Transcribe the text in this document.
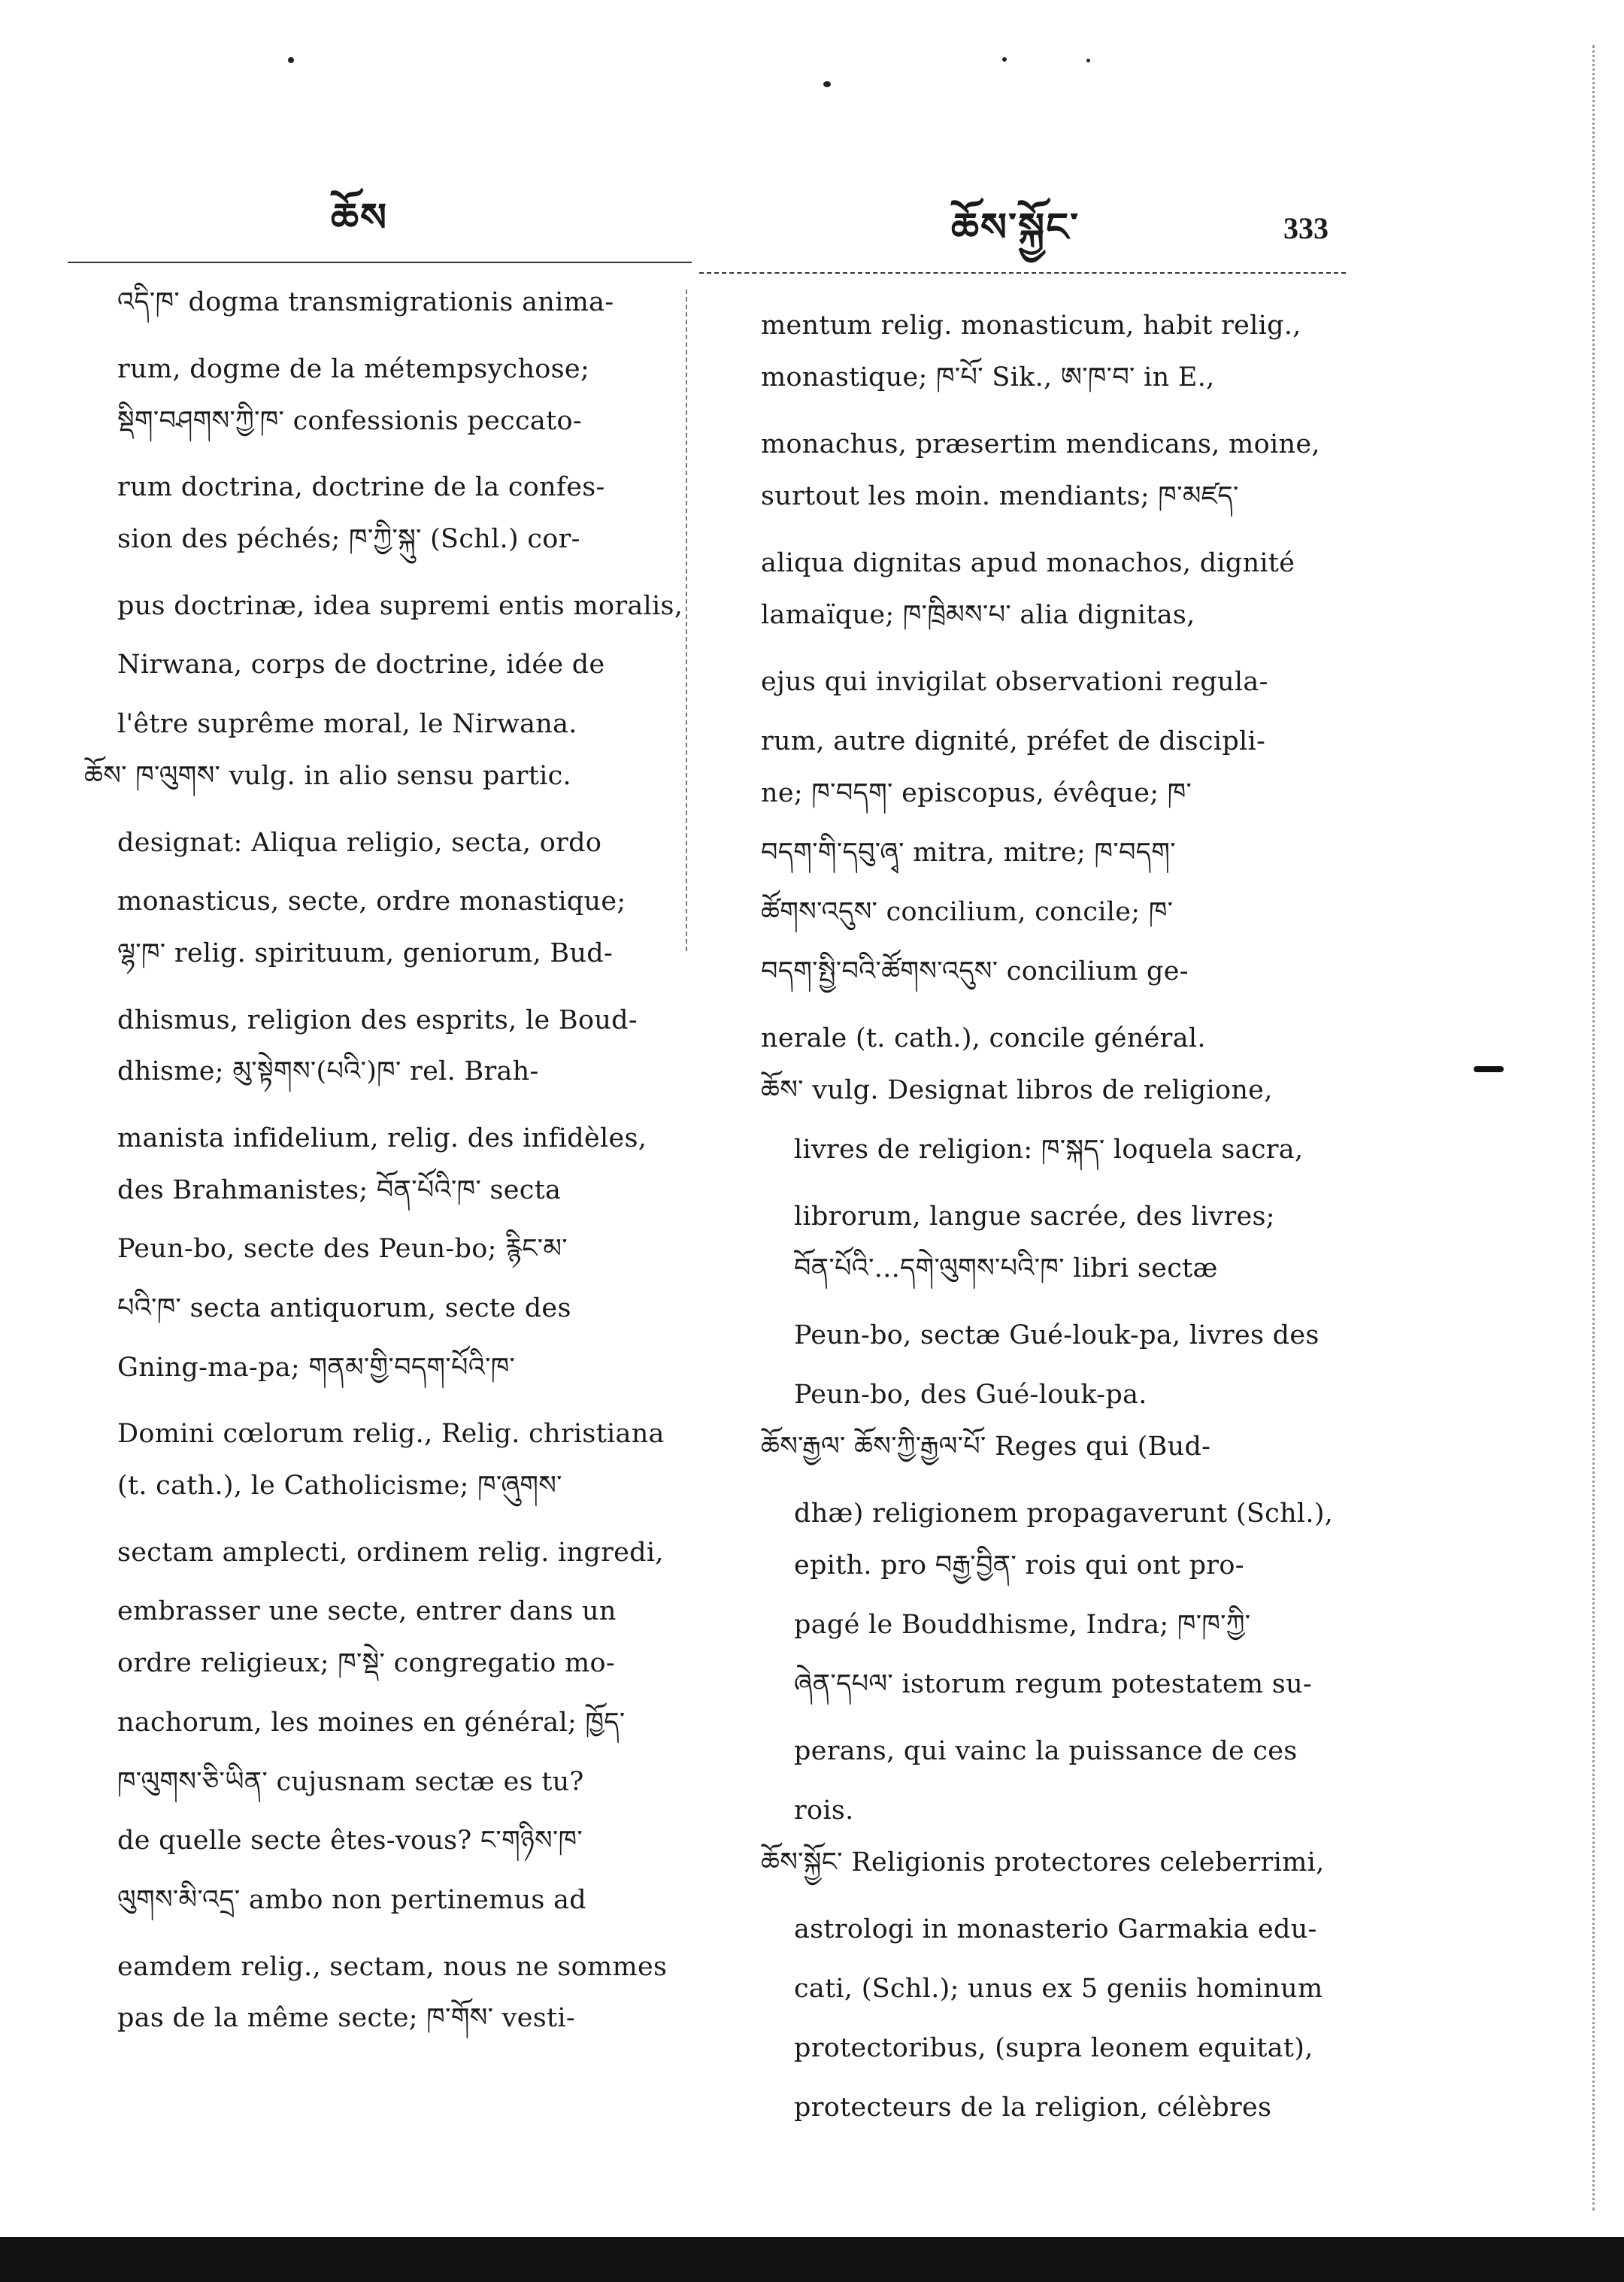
ཆོས	ཆོས་སྐྱོང་	333
འདི་ཁ་ dogma transmigrationis anima-
rum, dogme de la métempsychose;
སྡིག་བཤགས་ཀྱི་ཁ་ confessionis peccato-
rum doctrina, doctrine de la confes-
sion des péchés; ཁ་ཀྱི་སྐུ་ (Schl.) cor-
pus doctrinæ, idea supremi entis moralis,
Nirwana, corps de doctrine, idée de
l'être suprême moral, le Nirwana.
ཆོས་ ཁ་ལུགས་ vulg. in alio sensu partic.
designat: Aliqua religio, secta, ordo
monasticus, secte, ordre monastique;
ལྷ་ཁ་ relig. spirituum, geniorum, Bud-
dhismus, religion des esprits, le Boud-
dhisme; མུ་སྟེགས་(པའི་)ཁ་ rel. Brah-
manista infidelium, relig. des infidèles,
des Brahmanistes; བོན་པོའི་ཁ་ secta
Peun-bo, secte des Peun-bo; རྙིང་མ་
པའི་ཁ་ secta antiquorum, secte des
Gning-ma-pa; གནམ་གྱི་བདག་པོའི་ཁ་
Domini cœlorum relig., Relig. christiana
(t. cath.), le Catholicisme; ཁ་ཞུགས་
sectam amplecti, ordinem relig. ingredi,
embrasser une secte, entrer dans un
ordre religieux; ཁ་སྡེ་ congregatio mo-
nachorum, les moines en général; ཁྱོད་
ཁ་ལུགས་ཅི་ཡིན་ cujusnam sectæ es tu?
de quelle secte êtes-vous? ང་གཉིས་ཁ་
ལུགས་མི་འདྲ་ ambo non pertinemus ad
eamdem relig., sectam, nous ne sommes
pas de la même secte; ཁ་གོས་ vesti-
mentum relig. monasticum, habit relig.,
monastique; ཁ་པོ་ Sik., ཨ་ཁ་བ་ in E.,
monachus, præsertim mendicans, moine,
surtout les moin. mendiants; ཁ་མཛད་
aliqua dignitas apud monachos, dignité
lamaïque; ཁ་ཁྲིམས་པ་ alia dignitas,
ejus qui invigilat observationi regula-
rum, autre dignité, préfet de discipli-
ne; ཁ་བདག་ episcopus, évêque; ཁ་
བདག་གི་དབུ་ཞྭ་ mitra, mitre; ཁ་བདག་
ཚོགས་འདུས་ concilium, concile; ཁ་
བདག་སྤྱི་བའི་ཚོགས་འདུས་ concilium ge-
nerale (t. cath.), concile général.
ཆོས་ vulg. Designat libros de religione,
livres de religion: ཁ་སྐད་ loquela sacra,
librorum, langue sacrée, des livres;
བོན་པོའི་...དགེ་ལུགས་པའི་ཁ་ libri sectæ
Peun-bo, sectæ Gué-louk-pa, livres des
Peun-bo, des Gué-louk-pa.
ཆོས་རྒྱལ་ ཆོས་ཀྱི་རྒྱལ་པོ་ Reges qui (Bud-
dhæ) religionem propagaverunt (Schl.),
epith. pro བརྒྱ་བྱིན་ rois qui ont pro-
pagé le Bouddhisme, Indra; ཁ་ཁ་ཀྱི་
ཞེན་དཔལ་ istorum regum potestatem su-
perans, qui vainc la puissance de ces
rois.
ཆོས་སྐྱོང་ Religionis protectores celeberrimi,
astrologi in monasterio Garmakia edu-
cati, (Schl.); unus ex 5 geniis hominum
protectoribus, (supra leonem equitat),
protecteurs de la religion, célèbres
